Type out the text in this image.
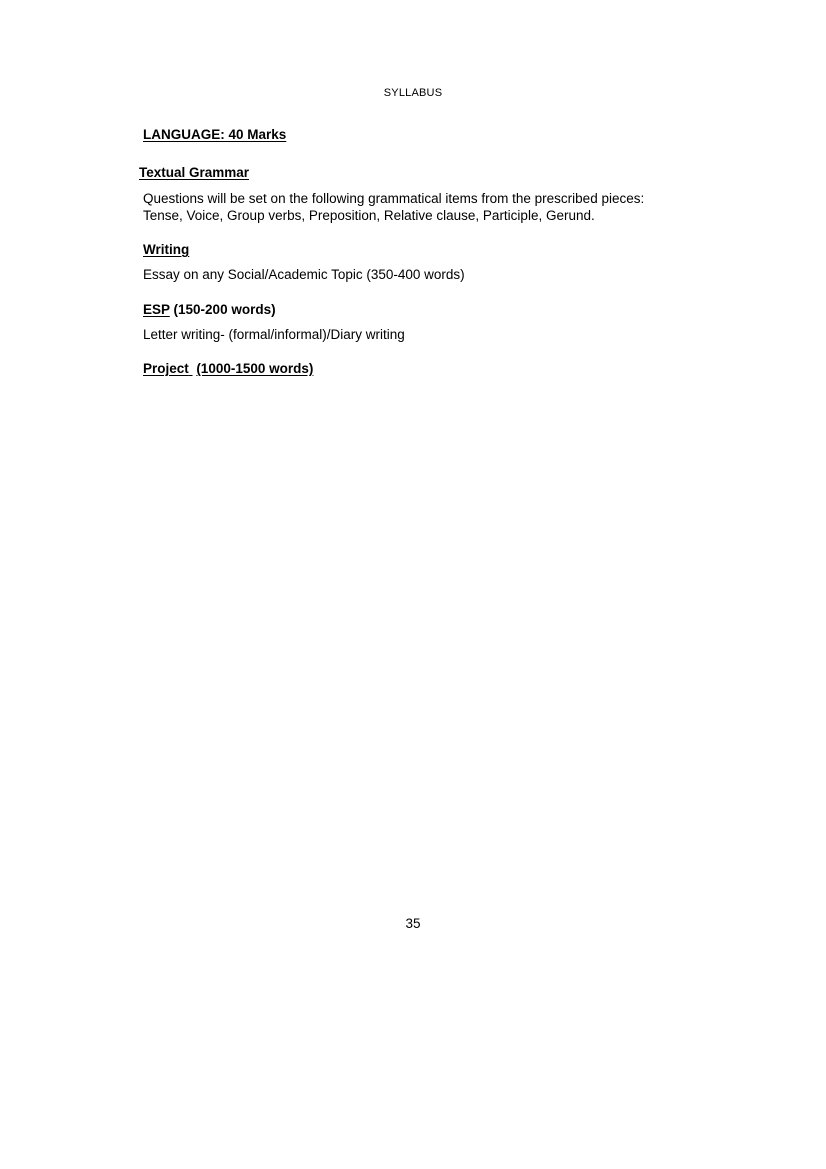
SYLLABUS
LANGUAGE: 40 Marks
Textual Grammar
Questions will be set on the following grammatical items from the prescribed pieces:
Tense, Voice, Group verbs, Preposition, Relative clause, Participle, Gerund.
Writing
Essay on any Social/Academic Topic (350-400 words)
ESP (150-200 words)
Letter writing- (formal/informal)/Diary writing
Project (1000-1500 words)
35
